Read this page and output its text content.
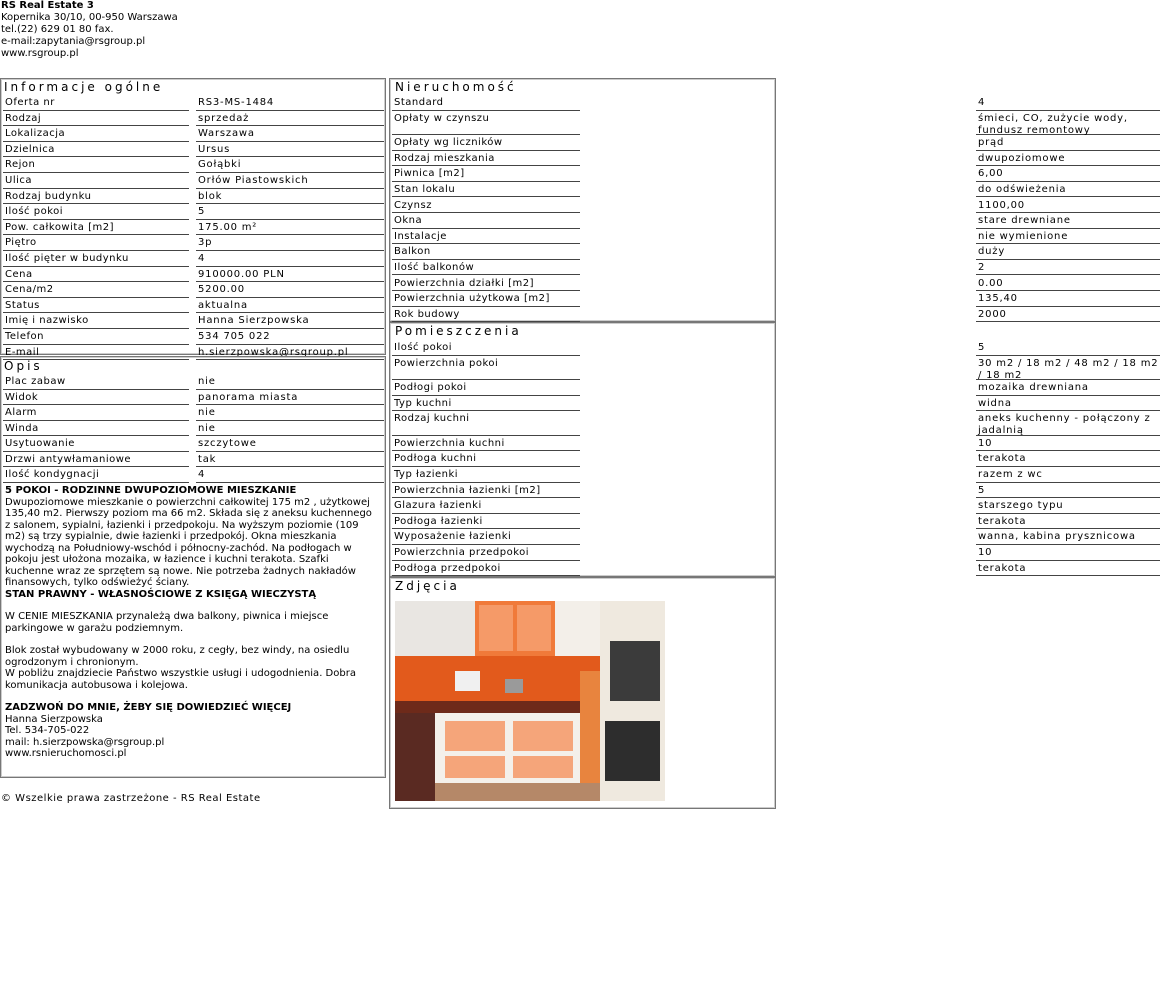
RS Real Estate 3
Kopernika 30/10, 00-950 Warszawa
tel.(22) 629 01 80 fax.
e-mail:zapytania@rsgroup.pl
www.rsgroup.pl
Informacje ogólne
Oferta nr	RS3-MS-1484
Rodzaj	sprzedaż
Lokalizacja	Warszawa
Dzielnica	Ursus
Rejon	Gołąbki
Ulica	Orłów Piastowskich
Rodzaj budynku	blok
Ilość pokoi	5
Pow. całkowita [m2]	175.00 m²
Piętro	3p
Ilość pięter w budynku	4
Cena	910000.00 PLN
Cena/m2	5200.00
Status	aktualna
Imię i nazwisko	Hanna Sierzpowska
Telefon	534 705 022
E-mail	h.sierzpowska@rsgroup.pl
Opis
Plac zabaw	nie
Widok	panorama miasta
Alarm	nie
Winda	nie
Usytuowanie	szczytowe
Drzwi antywłamaniowe	tak
Ilość kondygnacji	4

5 POKOI - RODZINNE DWUPOZIOMOWE MIESZKANIE
Dwupoziomowe mieszkanie o powierzchni całkowitej 175 m2 , użytkowej 135,40 m2. Pierwszy poziom ma 66 m2. Składa się z aneksu kuchennego z salonem, sypialni, łazienki i przedpokoju. Na wyższym poziomie (109 m2) są trzy sypialnie, dwie łazienki i przedpokój. Okna mieszkania wychodzą na Południowy-wschód i północny-zachód. Na podłogach w pokoju jest ułożona mozaika, w łazience i kuchni terakota. Szafki kuchenne wraz ze sprzętem są nowe. Nie potrzeba żadnych nakładów finansowych, tylko odświeżyć ściany.
STAN PRAWNY - WŁASNOŚCIOWE Z KSIĘGĄ WIECZYSTĄ

W CENIE MIESZKANIA przynależą dwa balkony, piwnica i miejsce parkingowe w garażu podziemnym.

Blok został wybudowany w 2000 roku, z cegły, bez windy, na osiedlu ogrodzonym i chronionym.
W pobliżu znajdziecie Państwo wszystkie usługi i udogodnienia. Dobra komunikacja autobusowa i kolejowa.

ZADZWOŃ DO MNIE, ŻEBY SIĘ DOWIEDZIEĆ WIĘCEJ
Hanna Sierzpowska
Tel. 534-705-022
mail: h.sierzpowska@rsgroup.pl
www.rsnieruchomosci.pl

Nieruchomość
Standard	4
Opłaty w czynszu	śmieci, CO, zużycie wody, fundusz remontowy
Opłaty wg liczników	prąd
Rodzaj mieszkania	dwupoziomowe
Piwnica [m2]	6,00
Stan lokalu	do odświeżenia
Czynsz	1100,00
Okna	stare drewniane
Instalacje	nie wymienione
Balkon	duży
Ilość balkonów	2
Powierzchnia działki [m2]	0.00
Powierzchnia użytkowa [m2]	135,40
Rok budowy	2000
Pomieszczenia
Ilość pokoi	5
Powierzchnia pokoi	30 m2 / 18 m2 / 48 m2 / 18 m2 / 18 m2
Podłogi pokoi	mozaika drewniana
Typ kuchni	widna
Rodzaj kuchni	aneks kuchenny - połączony z jadalnią
Powierzchnia kuchni	10
Podłoga kuchni	terakota
Typ łazienki	razem z wc
Powierzchnia łazienki [m2]	5
Glazura łazienki	starszego typu
Podłoga łazienki	terakota
Wyposażenie łazienki	wanna, kabina prysznicowa
Powierzchnia przedpokoi	10
Podłoga przedpokoi	terakota
Zdjęcia
© Wszelkie prawa zastrzeżone - RS Real Estate
